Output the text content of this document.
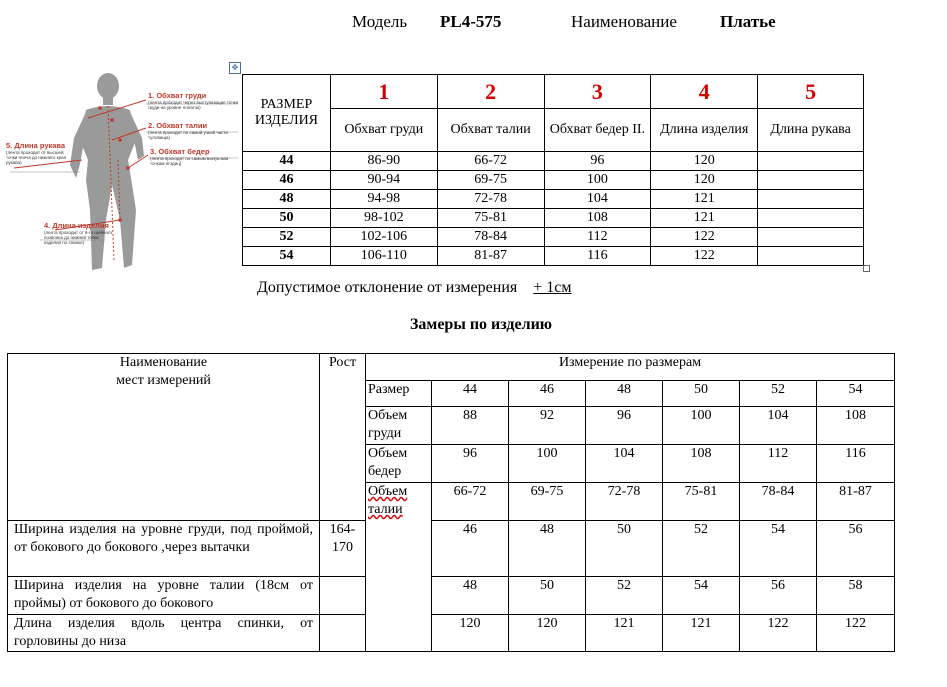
Модель PL4-575	Наименование	Платье
1. Обхват груди
(лента проходит через выступающие точки груди на уровне лопаток)
2. Обхват талии
(лента проходит по самой узкой части туловища)
3. Обхват бедер
(лента проходит по самым выпуклым точкам ягодиц)
5. Длина рукава
(лента проходит от высшей точки плеча до нижнего края рукава)
4. Длина изделия
(лента проходит от 6-го шейного позвонка до нижней точки изделия по спинке)
✥
РАЗМЕР ИЗДЕЛИЯ	1	2	3	4	5
	Обхват груди	Обхват талии	Обхват бедер II.	Длина изделия	Длина рукава
44	86-90	66-72	96	120	
46	90-94	69-75	100	120	
48	94-98	72-78	104	121	
50	98-102	75-81	108	121	
52	102-106	78-84	112	122	
54	106-110	81-87	116	122	
Допустимое отклонение от измерения + 1см
Замеры по изделию
Наименование
мест измерений	Рост	Измерение по размерам						
		Размер	44	46	48	50	52	54
		Объем груди	88	92	96	100	104	108
		Объем бедер	96	100	104	108	112	116
		Объем талии	66-72	69-75	72-78	75-81	78-84	81-87
Ширина изделия на уровне груди, под проймой, от бокового до бокового ,через вытачки	164-170		46	48	50	52	54	56
Ширина изделия на уровне талии (18см от проймы) от бокового до бокового			48	50	52	54	56	58
Длина изделия вдоль центра спинки, от горловины до низа			120	120	121	121	122	122
